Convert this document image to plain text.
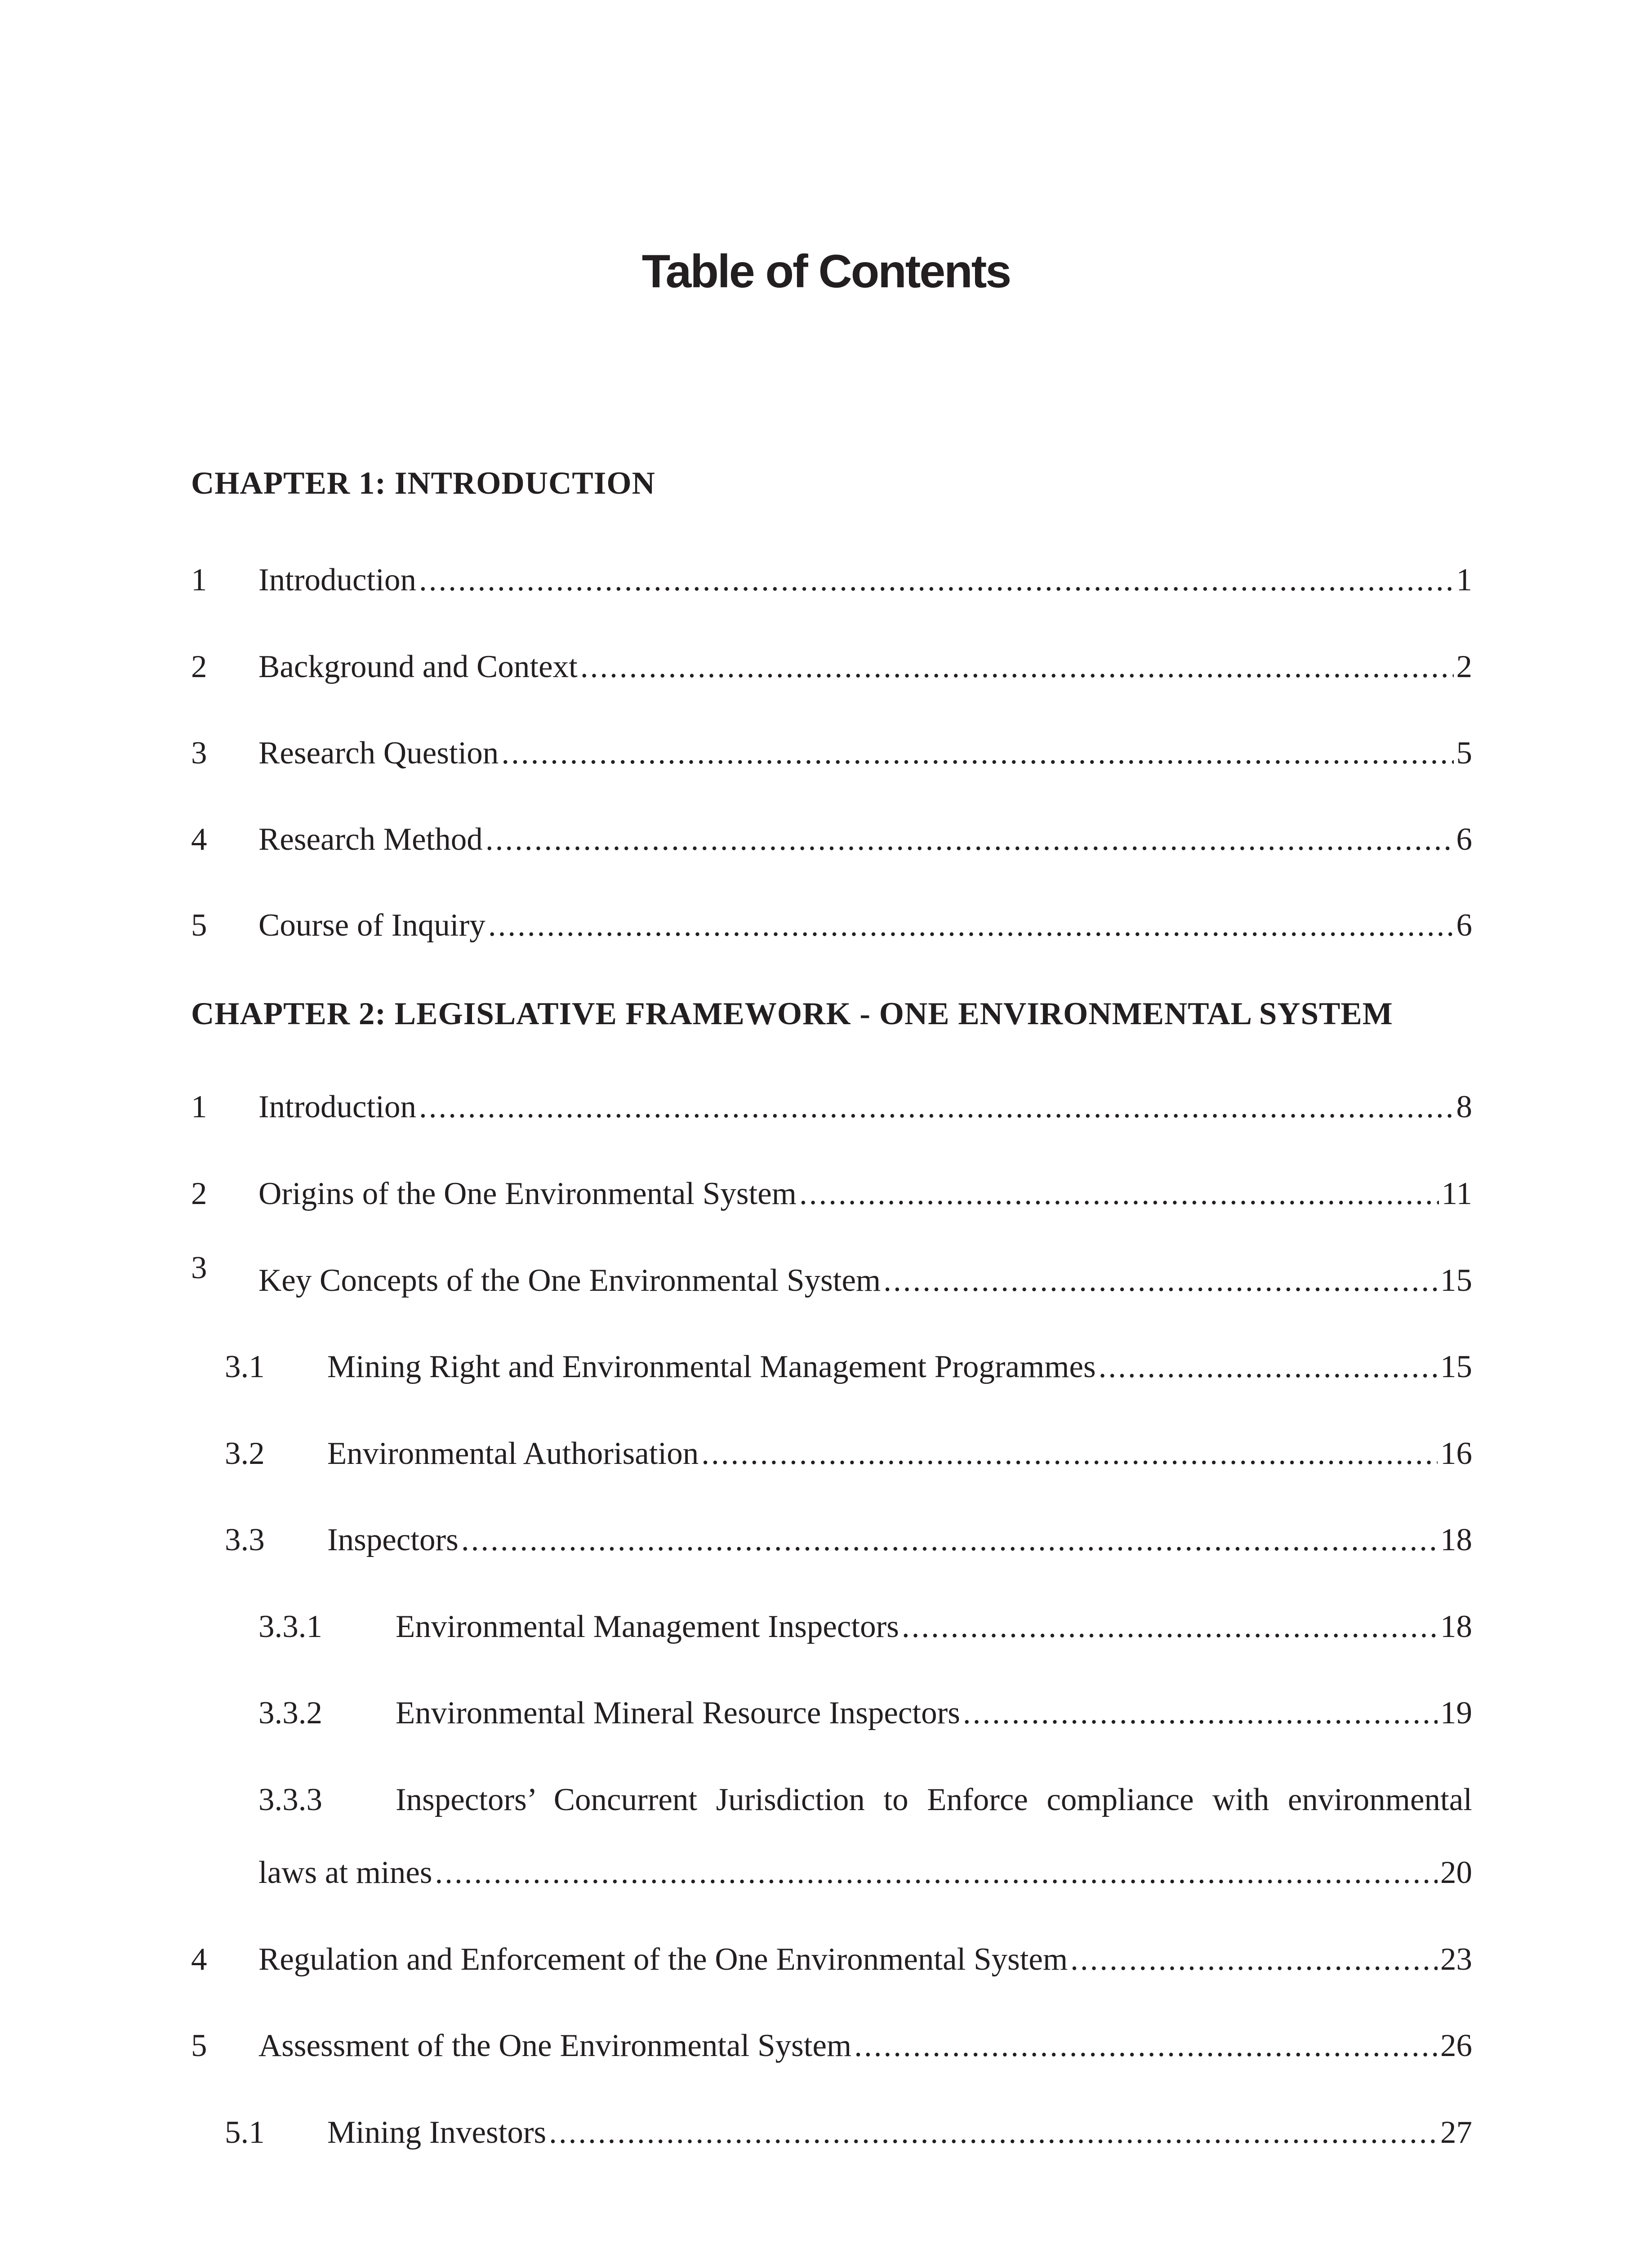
Table of Contents
CHAPTER 1: INTRODUCTION
1 Introduction .....	1
2 Background and Context .....	2
3 Research Question .....	5
4 Research Method .....	6
5 Course of Inquiry .....	6
CHAPTER 2: LEGISLATIVE FRAMEWORK - ONE ENVIRONMENTAL SYSTEM
1 Introduction .....	8
2 Origins of the One Environmental System .....	11
3 Key Concepts of the One Environmental System .....	15
3.1 Mining Right and Environmental Management Programmes .....	15
3.2 Environmental Authorisation .....	16
3.3 Inspectors .....	18
3.3.1 Environmental Management Inspectors .....	18
3.3.2 Environmental Mineral Resource Inspectors .....	19
3.3.3 Inspectors’ Concurrent Jurisdiction to Enforce compliance with environmental
laws at mines .....	20
4 Regulation and Enforcement of the One Environmental System .....	23
5 Assessment of the One Environmental System .....	26
5.1 Mining Investors .....	27
